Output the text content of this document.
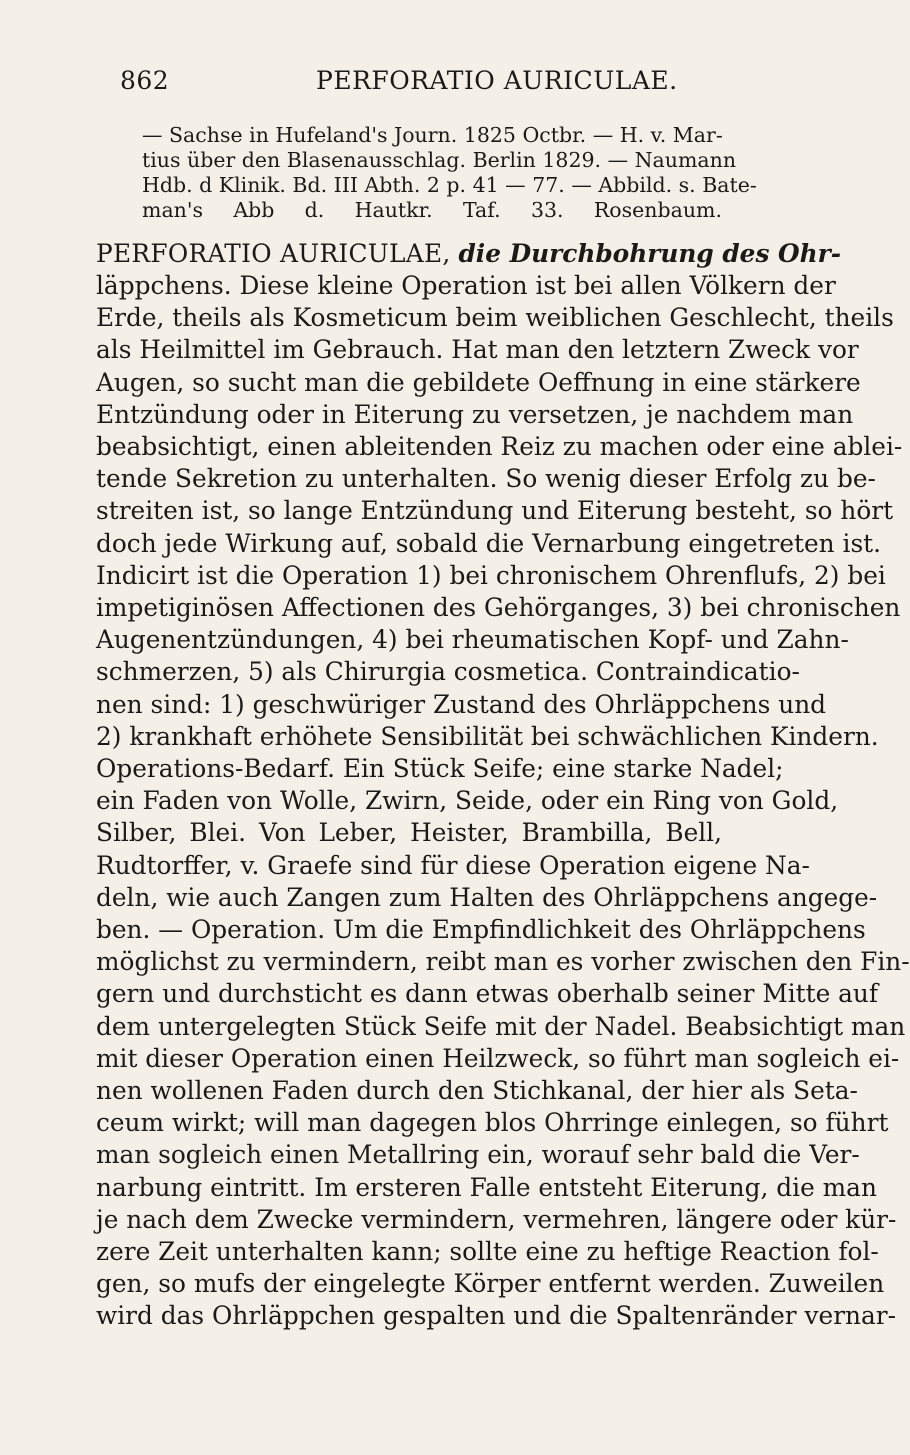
862	PERFORATIO AURICULAE.
— Sachse in Hufeland's Journ. 1825 Octbr. — H. v. Mar-
tius über den Blasenausschlag. Berlin 1829. — Naumann
Hdb. d Klinik. Bd. III Abth. 2 p. 41 — 77. — Abbild. s. Bate-
man's Abb d. Hautkr. Taf. 33. Rosenbaum.
PERFORATIO AURICULAE, die Durchbohrung des Ohr-
läppchens. Diese kleine Operation ist bei allen Völkern der
Erde, theils als Kosmeticum beim weiblichen Geschlecht, theils
als Heilmittel im Gebrauch. Hat man den letztern Zweck vor
Augen, so sucht man die gebildete Oeffnung in eine stärkere
Entzündung oder in Eiterung zu versetzen, je nachdem man
beabsichtigt, einen ableitenden Reiz zu machen oder eine ablei-
tende Sekretion zu unterhalten. So wenig dieser Erfolg zu be-
streiten ist, so lange Entzündung und Eiterung besteht, so hört
doch jede Wirkung auf, sobald die Vernarbung eingetreten ist.
Indicirt ist die Operation 1) bei chronischem Ohrenflufs, 2) bei
impetiginösen Affectionen des Gehörganges, 3) bei chronischen
Augenentzündungen, 4) bei rheumatischen Kopf- und Zahn-
schmerzen, 5) als Chirurgia cosmetica. Contraindicatio-
nen sind: 1) geschwüriger Zustand des Ohrläppchens und
2) krankhaft erhöhete Sensibilität bei schwächlichen Kindern.
Operations-Bedarf. Ein Stück Seife; eine starke Nadel;
ein Faden von Wolle, Zwirn, Seide, oder ein Ring von Gold,
Silber, Blei. Von Leber, Heister, Brambilla, Bell,
Rudtorffer, v. Graefe sind für diese Operation eigene Na-
deln, wie auch Zangen zum Halten des Ohrläppchens angege-
ben. — Operation. Um die Empfindlichkeit des Ohrläppchens
möglichst zu vermindern, reibt man es vorher zwischen den Fin-
gern und durchsticht es dann etwas oberhalb seiner Mitte auf
dem untergelegten Stück Seife mit der Nadel. Beabsichtigt man
mit dieser Operation einen Heilzweck, so führt man sogleich ei-
nen wollenen Faden durch den Stichkanal, der hier als Seta-
ceum wirkt; will man dagegen blos Ohrringe einlegen, so führt
man sogleich einen Metallring ein, worauf sehr bald die Ver-
narbung eintritt. Im ersteren Falle entsteht Eiterung, die man
je nach dem Zwecke vermindern, vermehren, längere oder kür-
zere Zeit unterhalten kann; sollte eine zu heftige Reaction fol-
gen, so mufs der eingelegte Körper entfernt werden. Zuweilen
wird das Ohrläppchen gespalten und die Spaltenränder vernar-
